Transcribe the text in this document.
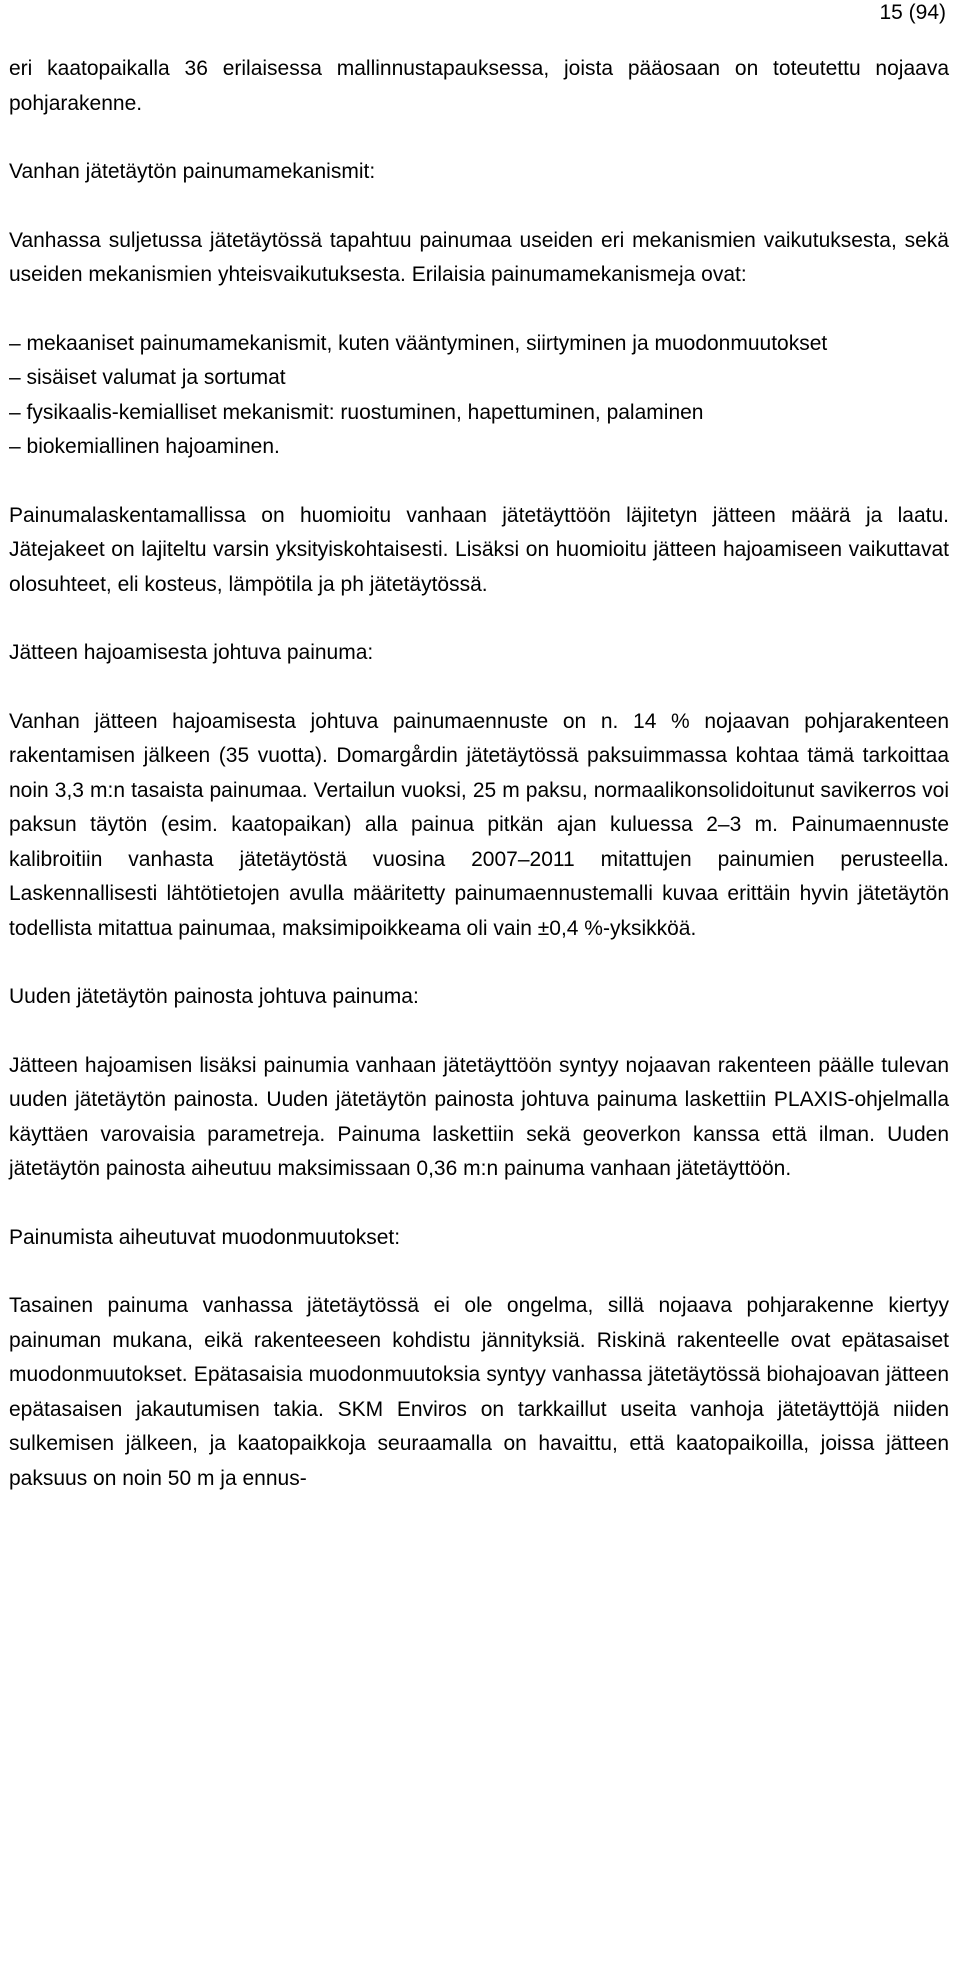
15 (94)

eri kaatopaikalla 36 erilaisessa mallinnustapauksessa, joista pääosaan on toteutettu nojaava pohjarakenne.

Vanhan jätetäytön painumamekanismit:

Vanhassa suljetussa jätetäytössä tapahtuu painumaa useiden eri mekanismien vaikutuksesta, sekä useiden mekanismien yhteisvaikutuksesta. Erilaisia painumamekanismeja ovat:

– mekaaniset painumamekanismit, kuten vääntyminen, siirtyminen ja muodonmuutokset
– sisäiset valumat ja sortumat
– fysikaalis-kemialliset mekanismit: ruostuminen, hapettuminen, palaminen
– biokemiallinen hajoaminen.

Painumalaskentamallissa on huomioitu vanhaan jätetäyttöön läjitetyn jätteen määrä ja laatu. Jätejakeet on lajiteltu varsin yksityiskohtaisesti. Lisäksi on huomioitu jätteen hajoamiseen vaikuttavat olosuhteet, eli kosteus, lämpötila ja ph jätetäytössä.

Jätteen hajoamisesta johtuva painuma:

Vanhan jätteen hajoamisesta johtuva painumaennuste on n. 14 % nojaavan pohjarakenteen rakentamisen jälkeen (35 vuotta). Domargårdin jätetäytössä paksuimmassa kohtaa tämä tarkoittaa noin 3,3 m:n tasaista painumaa. Vertailun vuoksi, 25 m paksu, normaalikonsolidoitunut savikerros voi paksun täytön (esim. kaatopaikan) alla painua pitkän ajan kuluessa 2–3 m. Painumaennuste kalibroitiin vanhasta jätetäytöstä vuosina 2007–2011 mitattujen painumien perusteella. Laskennallisesti lähtötietojen avulla määritetty painumaennustemalli kuvaa erittäin hyvin jätetäytön todellista mitattua painumaa, maksimipoikkeama oli vain ±0,4 %-yksikköä.

Uuden jätetäytön painosta johtuva painuma:

Jätteen hajoamisen lisäksi painumia vanhaan jätetäyttöön syntyy nojaavan rakenteen päälle tulevan uuden jätetäytön painosta. Uuden jätetäytön painosta johtuva painuma laskettiin PLAXIS-ohjelmalla käyttäen varovaisia parametreja. Painuma laskettiin sekä geoverkon kanssa että ilman. Uuden jätetäytön painosta aiheutuu maksimissaan 0,36 m:n painuma vanhaan jätetäyttöön.

Painumista aiheutuvat muodonmuutokset:

Tasainen painuma vanhassa jätetäytössä ei ole ongelma, sillä nojaava pohjarakenne kiertyy painuman mukana, eikä rakenteeseen kohdistu jännityksiä. Riskinä rakenteelle ovat epätasaiset muodonmuutokset. Epätasaisia muodonmuutoksia syntyy vanhassa jätetäytössä biohajoavan jätteen epätasaisen jakautumisen takia. SKM Enviros on tarkkaillut useita vanhoja jätetäyttöjä niiden sulkemisen jälkeen, ja kaatopaikkoja seuraamalla on havaittu, että kaatopaikoilla, joissa jätteen paksuus on noin 50 m ja ennus-
